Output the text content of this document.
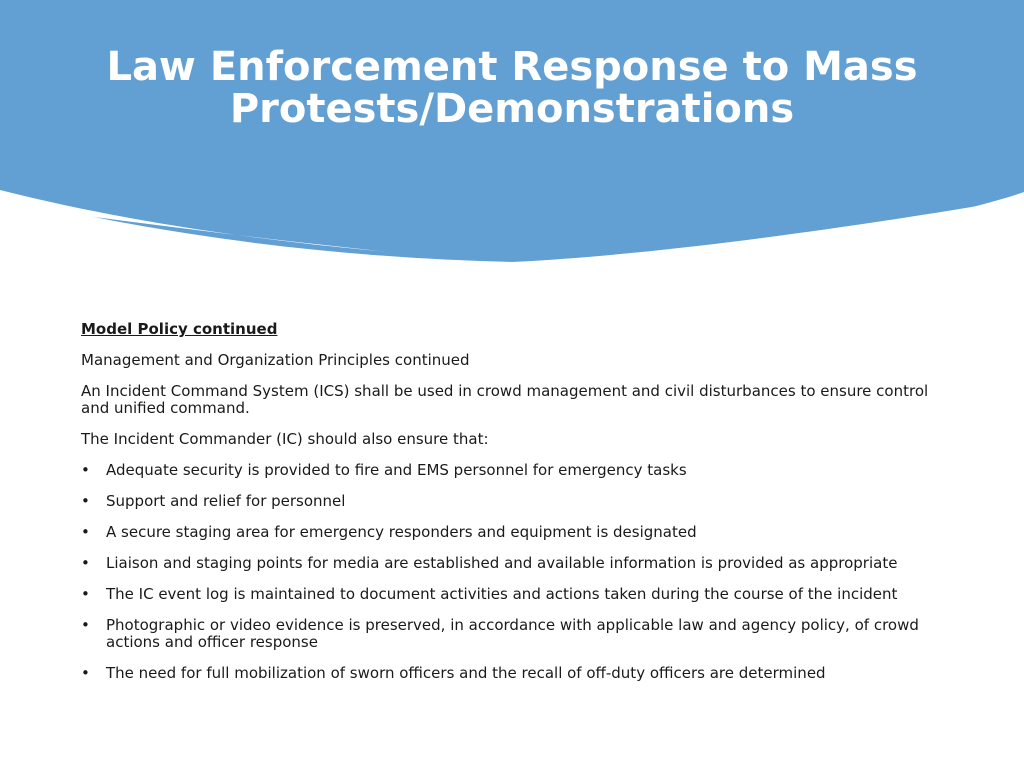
Law Enforcement Response to Mass Protests/Demonstrations

Model Policy continued

Management and Organization Principles continued

An Incident Command System (ICS) shall be used in crowd management and civil disturbances to ensure control and unified command.

The Incident Commander (IC) should also ensure that:

• Adequate security is provided to fire and EMS personnel for emergency tasks
• Support and relief for personnel
• A secure staging area for emergency responders and equipment is designated
• Liaison and staging points for media are established and available information is provided as appropriate
• The IC event log is maintained to document activities and actions taken during the course of the incident
• Photographic or video evidence is preserved, in accordance with applicable law and agency policy, of crowd actions and officer response
• The need for full mobilization of sworn officers and the recall of off-duty officers are determined
